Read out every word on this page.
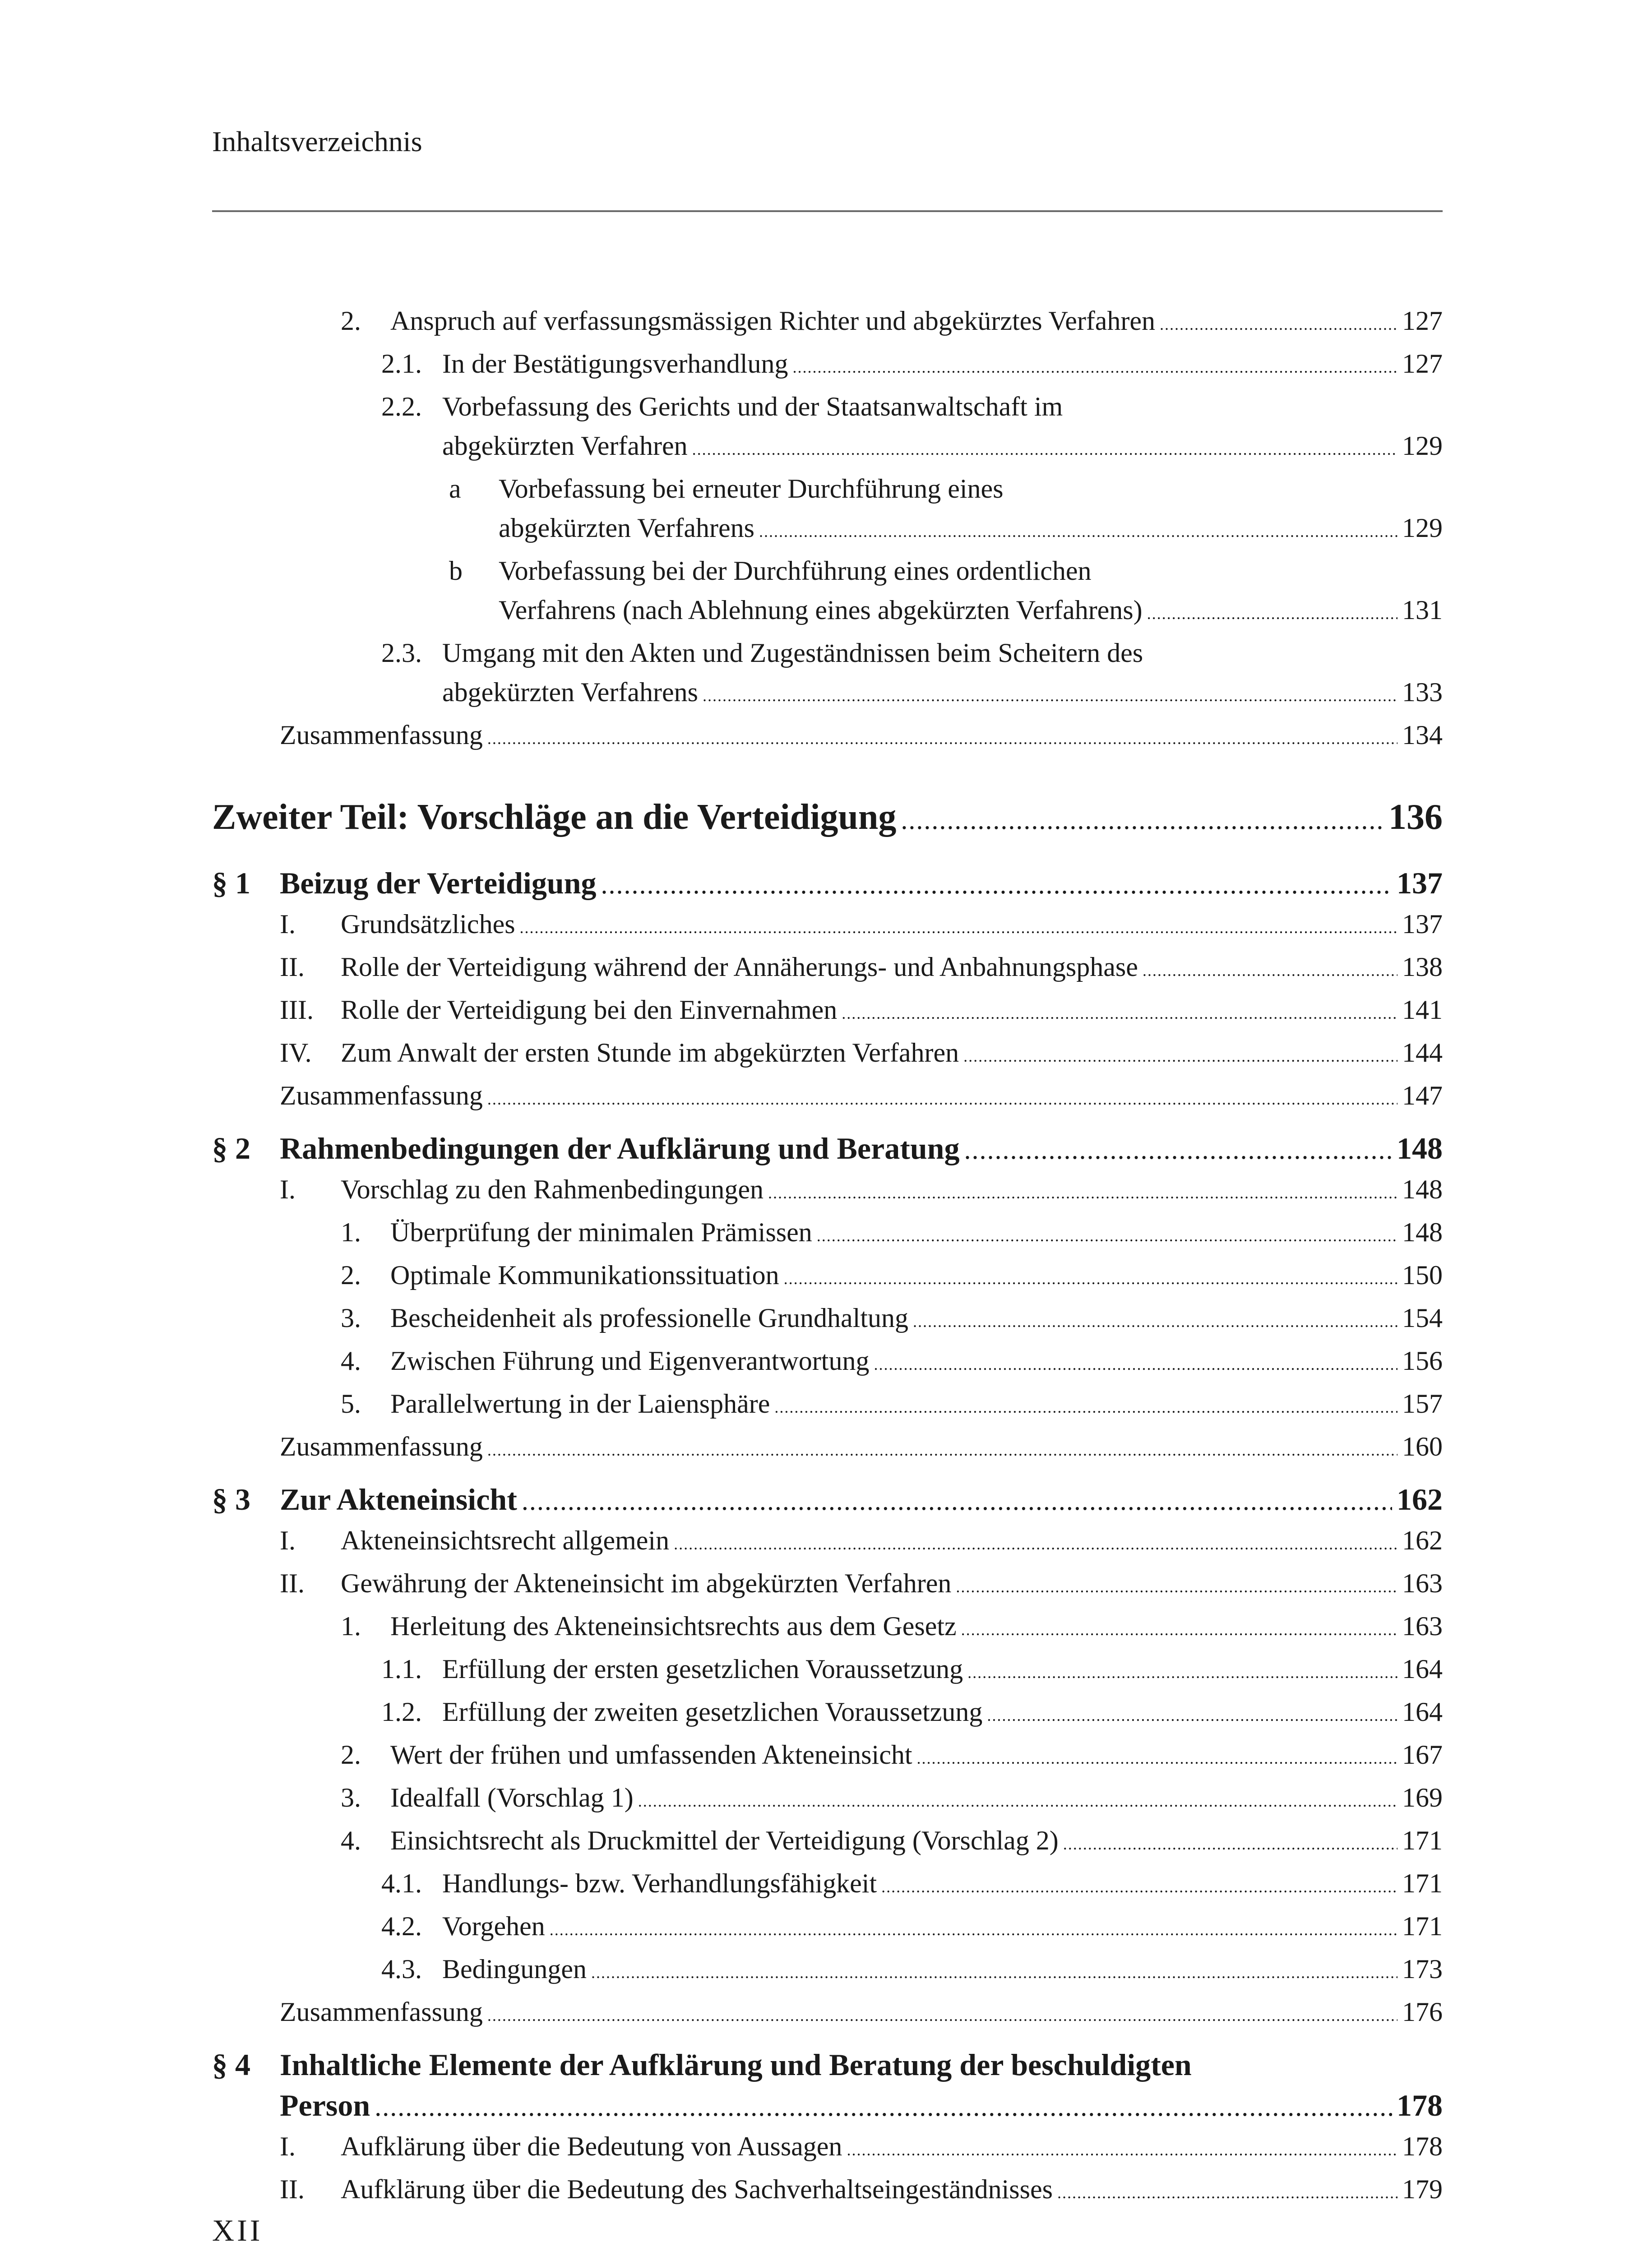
Inhaltsverzeichnis
2.	Anspruch auf verfassungsmässigen Richter und abgekürztes Verfahren .....	127
2.1. In der Bestätigungsverhandlung .....	127
2.2. Vorbefassung des Gerichts und der Staatsanwaltschaft im
abgekürzten Verfahren .....	129
a	Vorbefassung bei erneuter Durchführung eines
abgekürzten Verfahrens .....	129
b	Vorbefassung bei der Durchführung eines ordentlichen
Verfahrens (nach Ablehnung eines abgekürzten Verfahrens) .....	131
2.3. Umgang mit den Akten und Zugeständnissen beim Scheitern des
abgekürzten Verfahrens .....	133
Zusammenfassung .....	134
Zweiter Teil: Vorschläge an die Verteidigung .....	136
§ 1 Beizug der Verteidigung .....	137
I.	Grundsätzliches .....	137
II.	Rolle der Verteidigung während der Annäherungs- und Anbahnungsphase .....	138
III.	Rolle der Verteidigung bei den Einvernahmen .....	141
IV.	Zum Anwalt der ersten Stunde im abgekürzten Verfahren .....	144
Zusammenfassung .....	147
§ 2 Rahmenbedingungen der Aufklärung und Beratung .....	148
I.	Vorschlag zu den Rahmenbedingungen .....	148
1.	Überprüfung der minimalen Prämissen .....	148
2.	Optimale Kommunikationssituation .....	150
3.	Bescheidenheit als professionelle Grundhaltung .....	154
4.	Zwischen Führung und Eigenverantwortung .....	156
5.	Parallelwertung in der Laiensphäre .....	157
Zusammenfassung .....	160
§ 3 Zur Akteneinsicht .....	162
I.	Akteneinsichtsrecht allgemein .....	162
II.	Gewährung der Akteneinsicht im abgekürzten Verfahren .....	163
1.	Herleitung des Akteneinsichtsrechts aus dem Gesetz .....	163
1.1. Erfüllung der ersten gesetzlichen Voraussetzung .....	164
1.2. Erfüllung der zweiten gesetzlichen Voraussetzung .....	164
2.	Wert der frühen und umfassenden Akteneinsicht .....	167
3.	Idealfall (Vorschlag 1) .....	169
4.	Einsichtsrecht als Druckmittel der Verteidigung (Vorschlag 2) .....	171
4.1. Handlungs- bzw. Verhandlungsfähigkeit .....	171
4.2. Vorgehen .....	171
4.3. Bedingungen .....	173
Zusammenfassung .....	176
§ 4 Inhaltliche Elemente der Aufklärung und Beratung der beschuldigten
Person .....	178
I.	Aufklärung über die Bedeutung von Aussagen .....	178
II.	Aufklärung über die Bedeutung des Sachverhaltseingeständnisses .....	179
XII
